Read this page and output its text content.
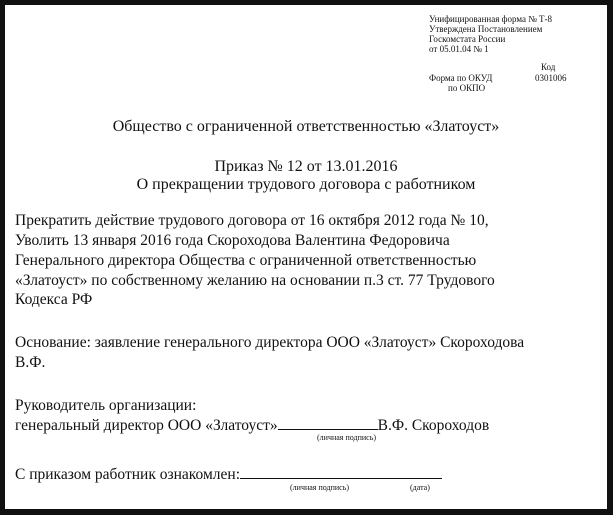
Унифицированная форма № Т-8
Утверждена Постановлением
Госкомстата России
от 05.01.04 № 1
Код
Форма по ОКУД	0301006
по ОКПО
Общество с ограниченной ответственностью «Златоуст»
Приказ № 12 от 13.01.2016
О прекращении трудового договора с работником
Прекратить действие трудового договора от 16 октября 2012 года № 10,
Уволить 13 января 2016 года Скороходова Валентина Федоровича
Генерального директора Общества с ограниченной ответственностью
«Златоуст» по собственному желанию на основании п.3 ст. 77 Трудового
Кодекса РФ
Основание: заявление генерального директора ООО «Златоуст» Скороходова
В.Ф.
Руководитель организации:
генеральный директор ООО «Златоуст»	В.Ф. Скороходов
(личная подпись)
С приказом работник ознакомлен:
(личная подпись)	(дата)
